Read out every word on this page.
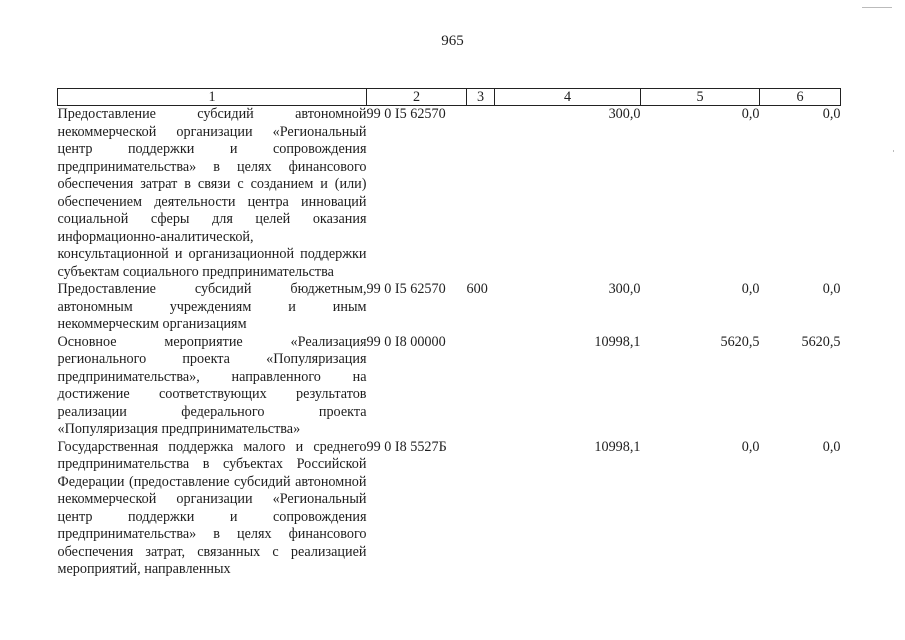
965
1	2	3	4	5	6
Предоставление субсидий автономной некоммерческой организации «Региональный центр поддержки и сопровождения предпринимательства» в целях финансового обеспечения затрат в связи с созданием и (или) обеспечением деятельности центра инноваций социальной сферы для целей оказания информационно-аналитической, консультационной и организационной поддержки субъектам социального предпринимательства	99 0 I5 62570		300,0	0,0	0,0
Предоставление субсидий бюджетным, автономным учреждениям и иным некоммерческим организациям	99 0 I5 62570	600	300,0	0,0	0,0
Основное мероприятие «Реализация регионального проекта «Популяризация предпринимательства», направленного на достижение соответствующих результатов реализации федерального проекта «Популяризация предпринимательства»	99 0 I8 00000		10998,1	5620,5	5620,5
Государственная поддержка малого и среднего предпринимательства в субъектах Российской Федерации (предоставление субсидий автономной некоммерческой организации «Региональный центр поддержки и сопровождения предпринимательства» в целях финансового обеспечения затрат, связанных с реализацией мероприятий, направленных	99 0 I8 5527Б		10998,1	0,0	0,0
